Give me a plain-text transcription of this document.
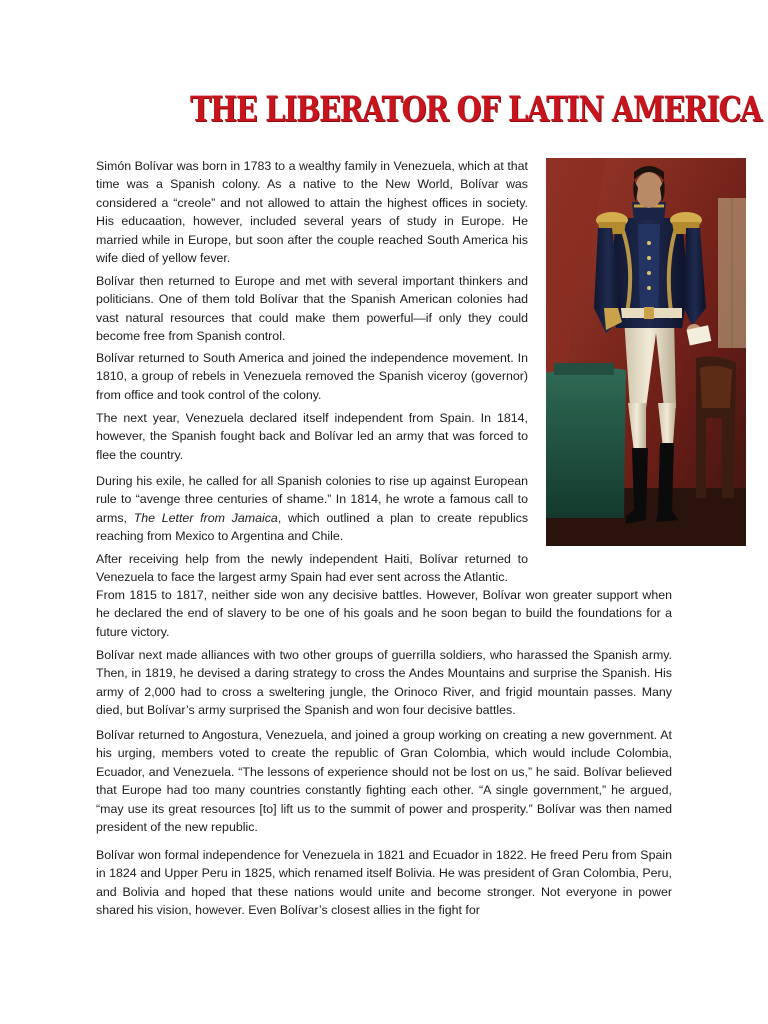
THE LIBERATOR OF LATIN AMERICA

Simón Bolívar was born in 1783 to a wealthy family in Venezuela, which at that time was a Spanish colony. As a native to the New World, Bolívar was considered a “creole” and not allowed to attain the highest offices in society. His educaation, however, included several years of study in Europe. He married while in Europe, but soon after the couple reached South America his wife died of yellow fever.

Bolívar then returned to Europe and met with several important thinkers and politicians. One of them told Bolívar that the Spanish American colonies had vast natural resources that could make them powerful—if only they could become free from Spanish control.

Bolívar returned to South America and joined the independence movement. In 1810, a group of rebels in Venezuela removed the Spanish viceroy (governor) from office and took control of the colony.

The next year, Venezuela declared itself independent from Spain. In 1814, however, the Spanish fought back and Bolívar led an army that was forced to flee the country.

During his exile, he called for all Spanish colonies to rise up against European rule to “avenge three centuries of shame.” In 1814, he wrote a famous call to arms, The Letter from Jamaica, which outlined a plan to create republics reaching from Mexico to Argentina and Chile.

After receiving help from the newly independent Haiti, Bolívar returned to Venezuela to face the largest army Spain had ever sent across the Atlantic.

From 1815 to 1817, neither side won any decisive battles. However, Bolívar won greater support when he declared the end of slavery to be one of his goals and he soon began to build the foundations for a future victory.

Bolívar next made alliances with two other groups of guerrilla soldiers, who harassed the Spanish army. Then, in 1819, he devised a daring strategy to cross the Andes Mountains and surprise the Spanish. His army of 2,000 had to cross a sweltering jungle, the Orinoco River, and frigid mountain passes. Many died, but Bolívar’s army surprised the Spanish and won four decisive battles.

Bolívar returned to Angostura, Venezuela, and joined a group working on creating a new government. At his urging, members voted to create the republic of Gran Colombia, which would include Colombia, Ecuador, and Venezuela. “The lessons of experience should not be lost on us,” he said. Bolívar believed that Europe had too many countries constantly fighting each other. “A single government,” he argued, “may use its great resources [to] lift us to the summit of power and prosperity.” Bolívar was then named president of the new republic.

Bolívar won formal independence for Venezuela in 1821 and Ecuador in 1822. He freed Peru from Spain in 1824 and Upper Peru in 1825, which renamed itself Bolivia. He was president of Gran Colombia, Peru, and Bolivia and hoped that these nations would unite and become stronger. Not everyone in power shared his vision, however. Even Bolívar’s closest allies in the fight for
